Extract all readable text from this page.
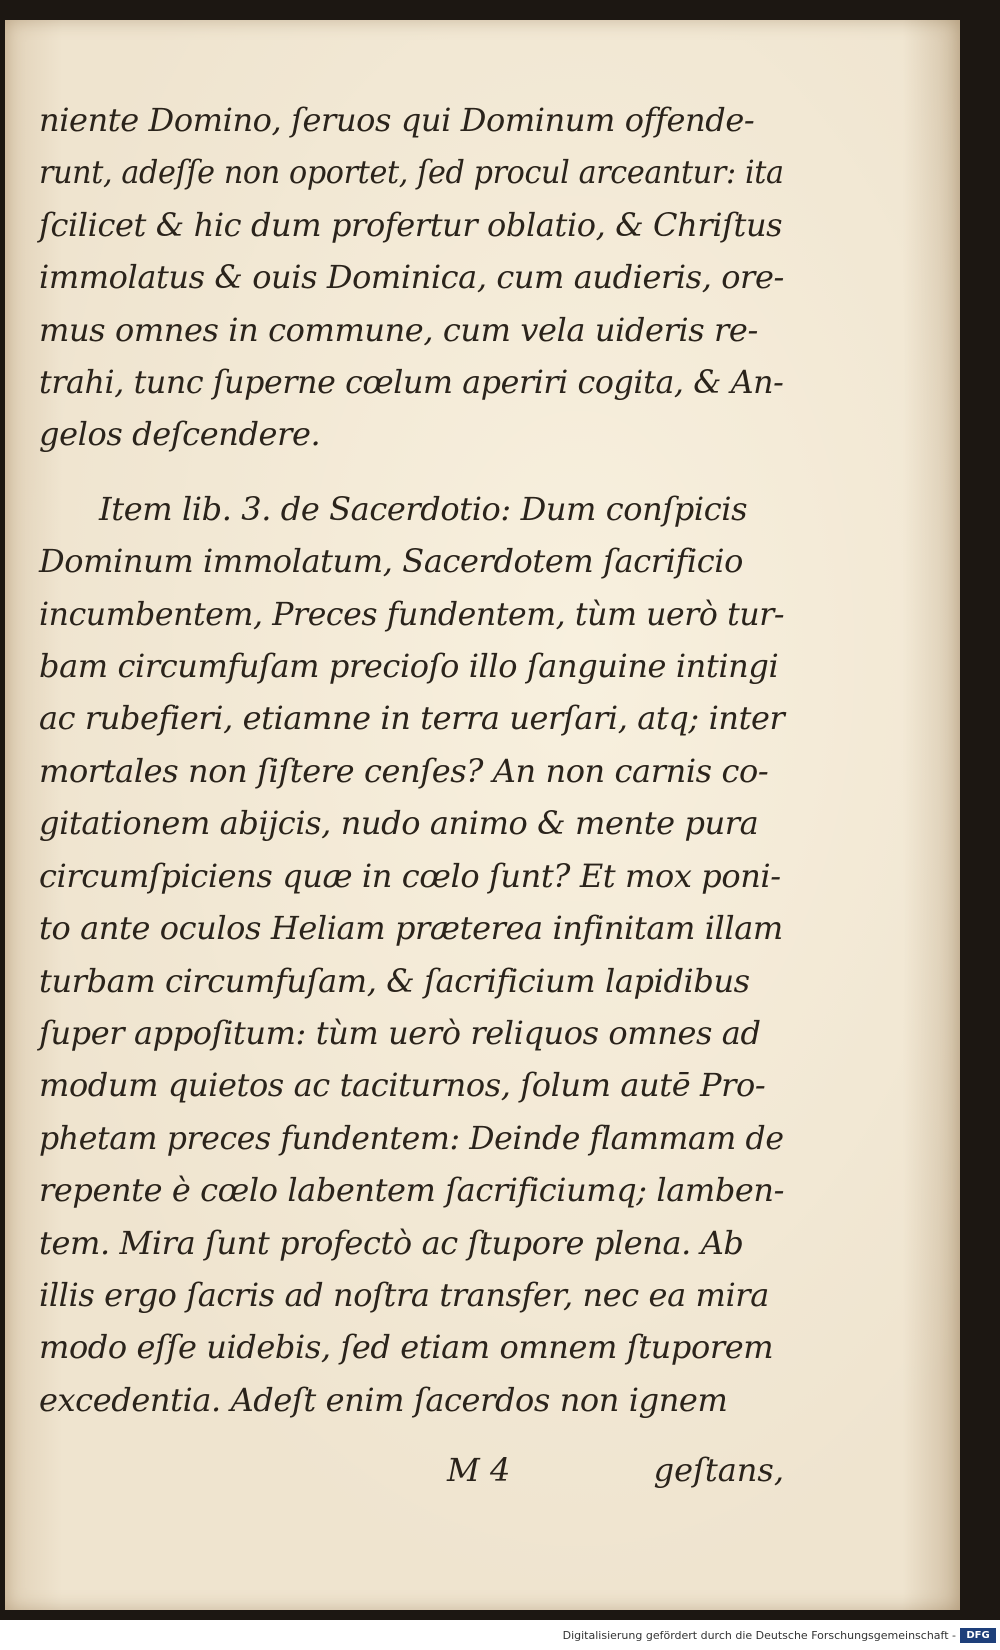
niente Domino, ſeruos qui Dominum offende-
runt, adeſſe non oportet, ſed procul arceantur: ita
ſcilicet & hic dum profertur oblatio, & Chriſtus
immolatus & ouis Dominica, cum audieris, ore-
mus omnes in commune, cum vela uideris re-
trahi, tunc ſuperne cœlum aperiri cogita, & An-
gelos deſcendere.
Item lib. 3. de Sacerdotio: Dum conſpicis
Dominum immolatum, Sacerdotem ſacrificio
incumbentem, Preces fundentem, tùm uerò tur-
bam circumfuſam precioſo illo ſanguine intingi
ac rubefieri, etiamne in terra uerſari, atq; inter
mortales non ſiſtere cenſes? An non carnis co-
gitationem abijcis, nudo animo & mente pura
circumſpiciens quæ in cœlo ſunt? Et mox poni-
to ante oculos Heliam præterea infinitam illam
turbam circumfuſam, & ſacrificium lapidibus
ſuper appoſitum: tùm uerò reliquos omnes ad
modum quietos ac taciturnos, ſolum autē Pro-
phetam preces fundentem: Deinde flammam de
repente è cœlo labentem ſacrificiumq; lamben-
tem. Mira ſunt profectò ac ſtupore plena. Ab
illis ergo ſacris ad noſtra transfer, nec ea mira
modo eſſe uidebis, ſed etiam omnem ſtuporem
excedentia. Adeſt enim ſacerdos non ignem
M 4	geſtans,
Digitalisierung gefördert durch die Deutsche Forschungsgemeinschaft -	DFG
